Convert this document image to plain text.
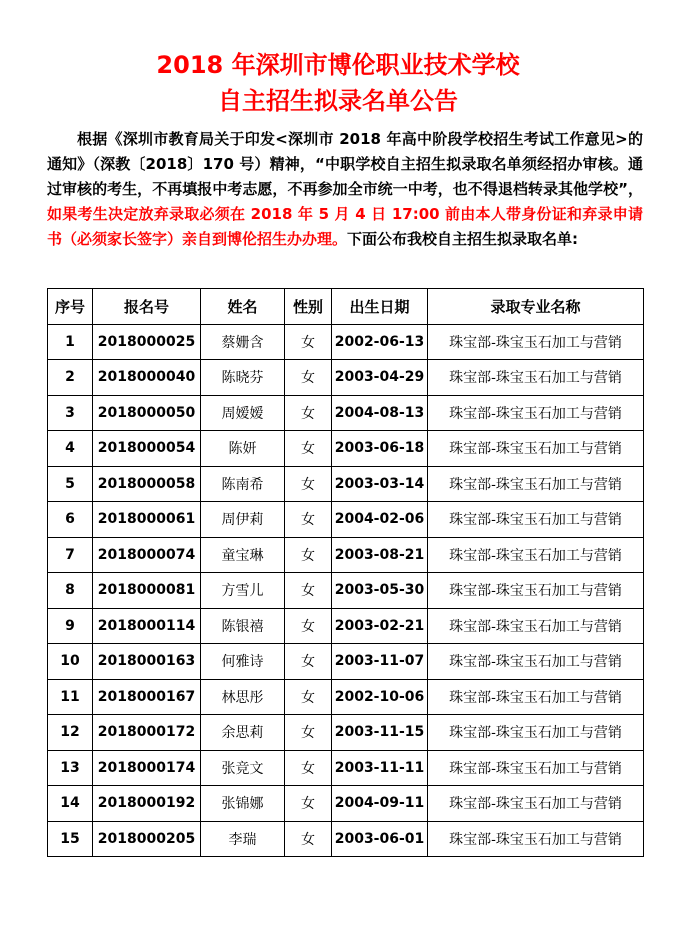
2018 年深圳市博伦职业技术学校
自主招生拟录名单公告

根据《深圳市教育局关于印发<深圳市 2018 年高中阶段学校招生考试工作意见>的通知》（深教〔2018〕170 号）精神，“中职学校自主招生拟录取名单须经招办审核。通过审核的考生，不再填报中考志愿，不再参加全市统一中考，也不得退档转录其他学校”，如果考生决定放弃录取必须在 2018 年 5 月 4 日 17:00 前由本人带身份证和弃录申请书（必须家长签字）亲自到博伦招生办办理。下面公布我校自主招生拟录取名单:

序号	报名号	姓名	性别	出生日期	录取专业名称
1	2018000025	蔡姗含	女	2002-06-13	珠宝部-珠宝玉石加工与营销
2	2018000040	陈晓芬	女	2003-04-29	珠宝部-珠宝玉石加工与营销
3	2018000050	周嫒嫒	女	2004-08-13	珠宝部-珠宝玉石加工与营销
4	2018000054	陈妍	女	2003-06-18	珠宝部-珠宝玉石加工与营销
5	2018000058	陈南希	女	2003-03-14	珠宝部-珠宝玉石加工与营销
6	2018000061	周伊莉	女	2004-02-06	珠宝部-珠宝玉石加工与营销
7	2018000074	童宝琳	女	2003-08-21	珠宝部-珠宝玉石加工与营销
8	2018000081	方雪儿	女	2003-05-30	珠宝部-珠宝玉石加工与营销
9	2018000114	陈银禧	女	2003-02-21	珠宝部-珠宝玉石加工与营销
10	2018000163	何雅诗	女	2003-11-07	珠宝部-珠宝玉石加工与营销
11	2018000167	林思彤	女	2002-10-06	珠宝部-珠宝玉石加工与营销
12	2018000172	余思莉	女	2003-11-15	珠宝部-珠宝玉石加工与营销
13	2018000174	张竞文	女	2003-11-11	珠宝部-珠宝玉石加工与营销
14	2018000192	张锦娜	女	2004-09-11	珠宝部-珠宝玉石加工与营销
15	2018000205	李瑞	女	2003-06-01	珠宝部-珠宝玉石加工与营销
